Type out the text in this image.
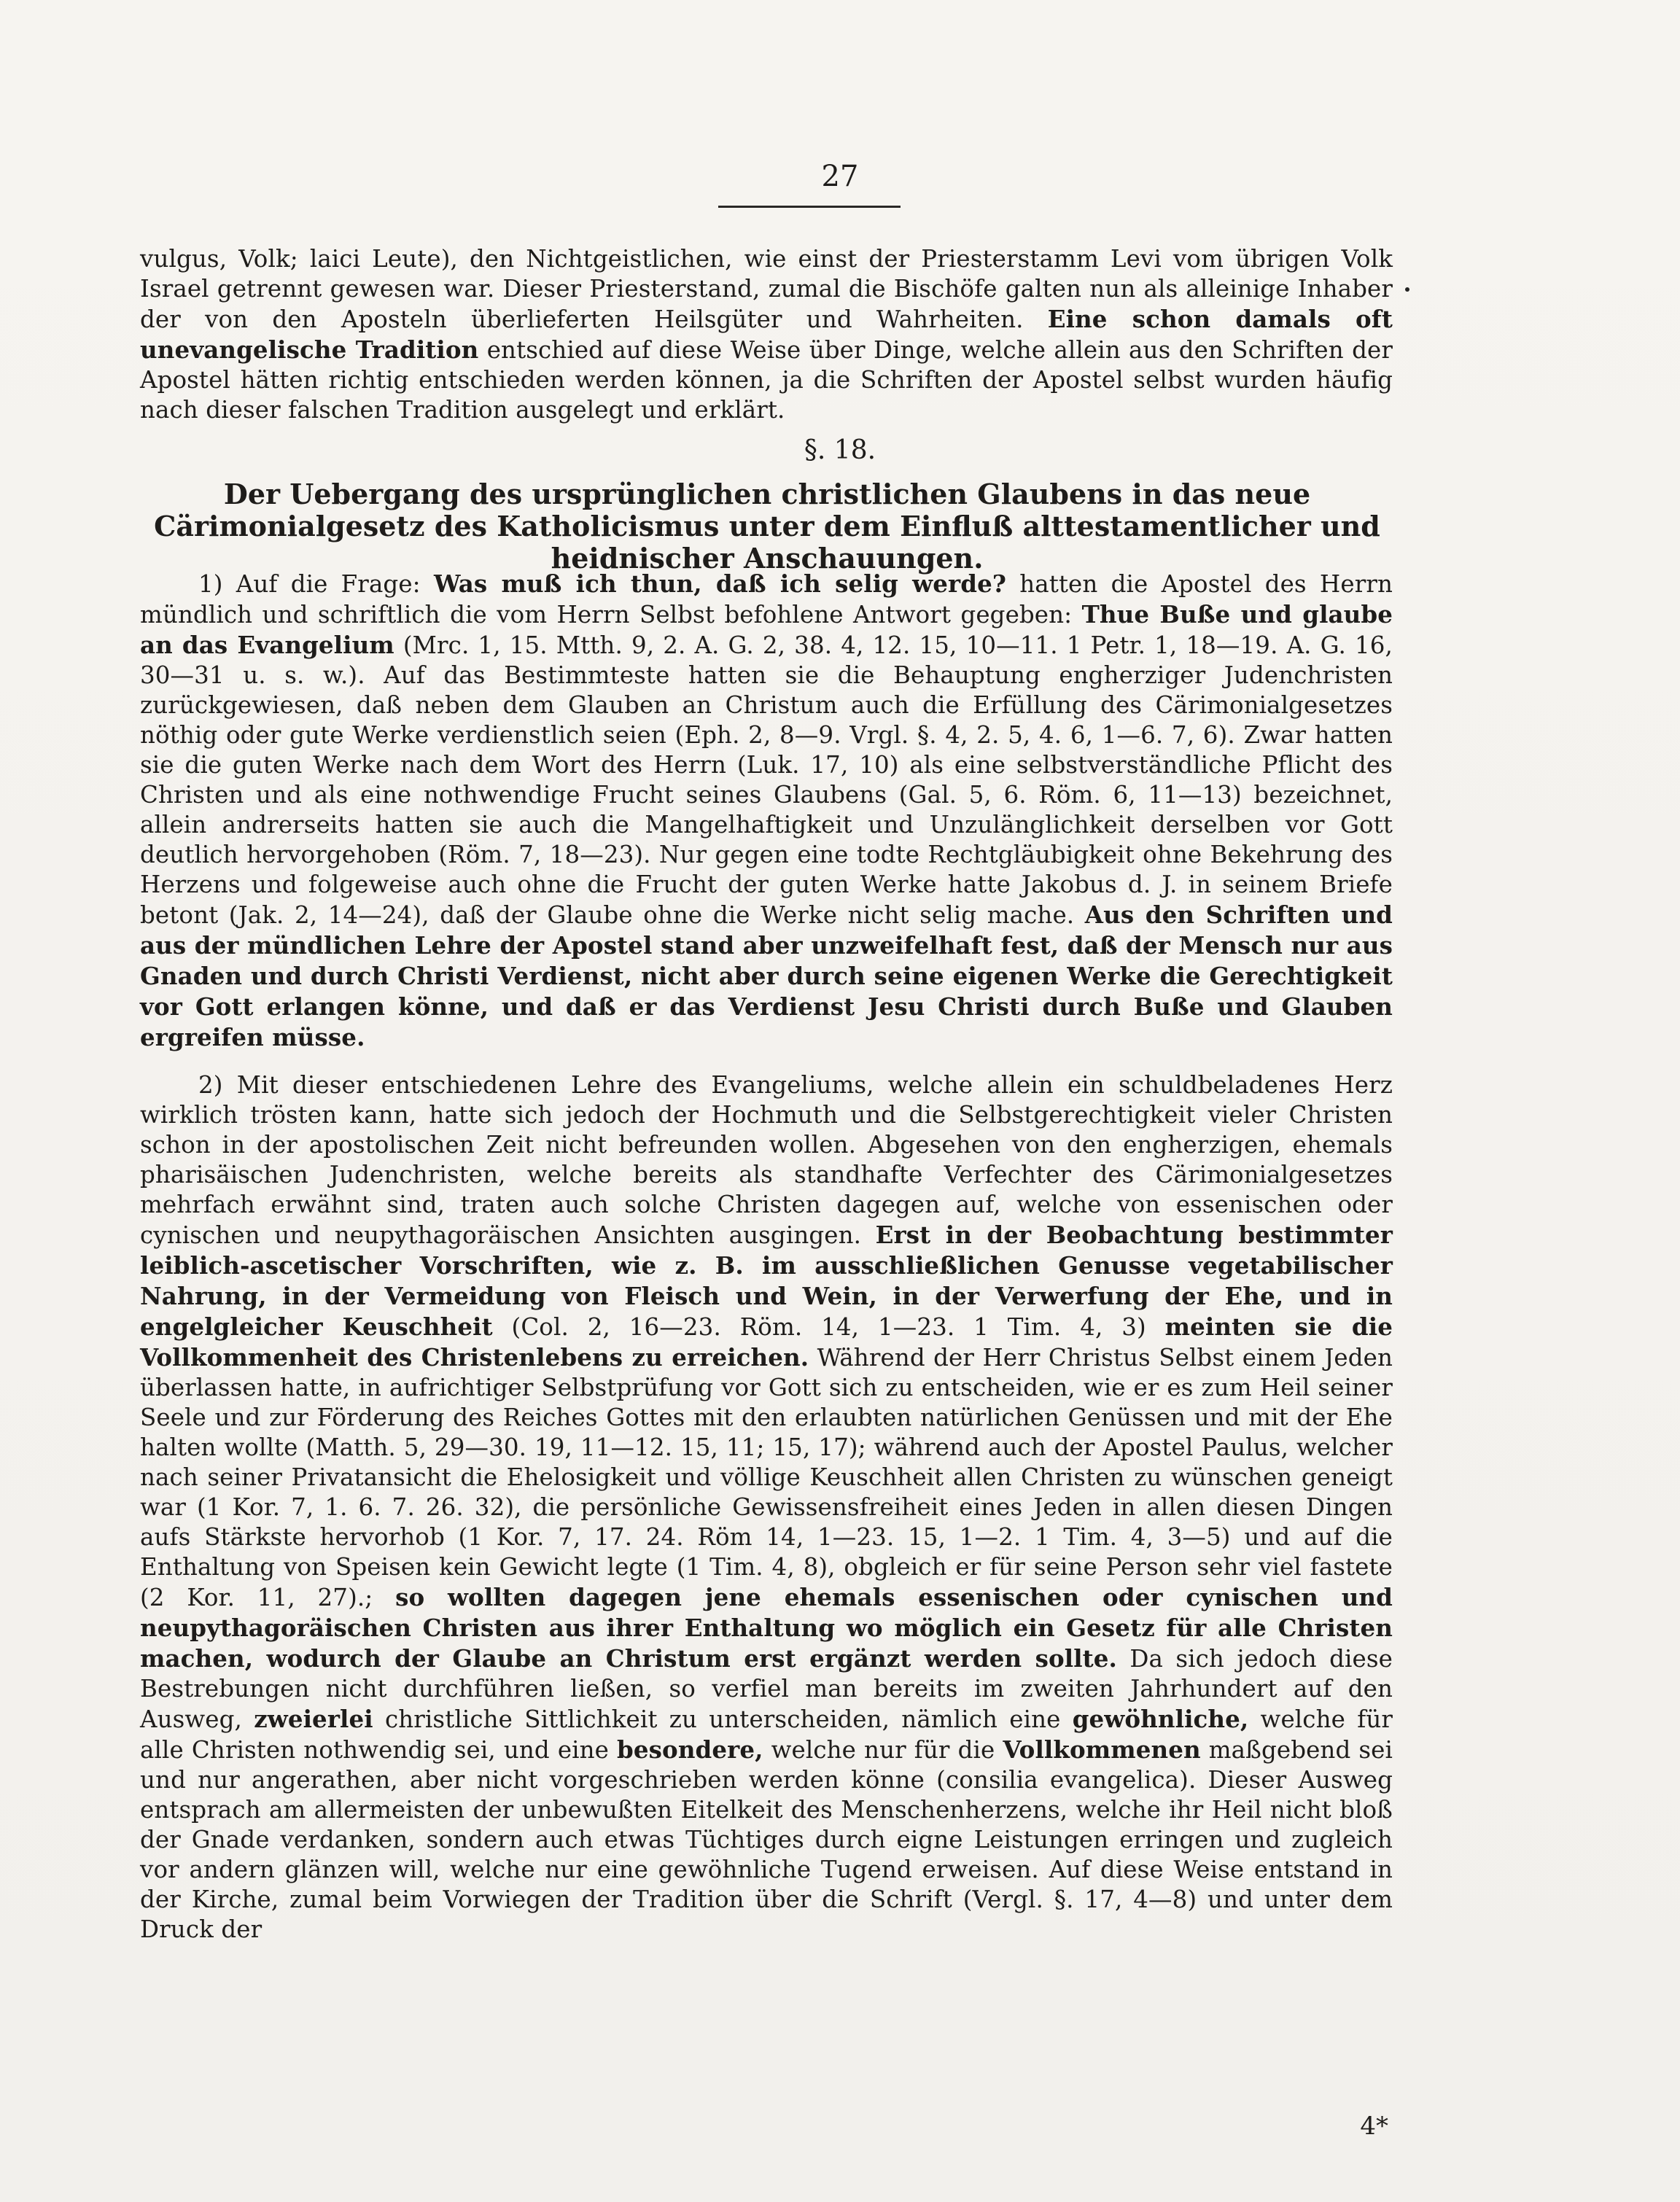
27

vulgus, Volk; laici Leute), den Nichtgeistlichen, wie einst der Priesterstamm Levi vom übrigen Volk Israel getrennt gewesen war. Dieser Priesterstand, zumal die Bischöfe galten nun als alleinige Inhaber der von den Aposteln überlieferten Heilsgüter und Wahrheiten. Eine schon damals oft unevangelische Tradition entschied auf diese Weise über Dinge, welche allein aus den Schriften der Apostel hätten richtig entschieden werden können, ja die Schriften der Apostel selbst wurden häufig nach dieser falschen Tradition ausgelegt und erklärt.

§. 18.
Der Uebergang des ursprünglichen christlichen Glaubens in das neue Cärimonialgesetz des Katholicismus unter dem Einfluß alttestamentlicher und heidnischer Anschauungen.

1) Auf die Frage: Was muß ich thun, daß ich selig werde? hatten die Apostel des Herrn mündlich und schriftlich die vom Herrn Selbst befohlene Antwort gegeben: Thue Buße und glaube an das Evangelium (Mrc. 1, 15. Mtth. 9, 2. A. G. 2, 38. 4, 12. 15, 10—11. 1 Petr. 1, 18—19. A. G. 16, 30—31 u. s. w.). Auf das Bestimmteste hatten sie die Behauptung engherziger Judenchristen zurückgewiesen, daß neben dem Glauben an Christum auch die Erfüllung des Cärimonialgesetzes nöthig oder gute Werke verdienstlich seien (Eph. 2, 8—9. Vrgl. §. 4, 2. 5, 4. 6, 1—6. 7, 6). Zwar hatten sie die guten Werke nach dem Wort des Herrn (Luk. 17, 10) als eine selbstverständliche Pflicht des Christen und als eine nothwendige Frucht seines Glaubens (Gal. 5, 6. Röm. 6, 11—13) bezeichnet, allein andrerseits hatten sie auch die Mangelhaftigkeit und Unzulänglichkeit derselben vor Gott deutlich hervorgehoben (Röm. 7, 18—23). Nur gegen eine todte Rechtgläubigkeit ohne Bekehrung des Herzens und folgeweise auch ohne die Frucht der guten Werke hatte Jakobus d. J. in seinem Briefe betont (Jak. 2, 14—24), daß der Glaube ohne die Werke nicht selig mache. Aus den Schriften und aus der mündlichen Lehre der Apostel stand aber unzweifelhaft fest, daß der Mensch nur aus Gnaden und durch Christi Verdienst, nicht aber durch seine eigenen Werke die Gerechtigkeit vor Gott erlangen könne, und daß er das Verdienst Jesu Christi durch Buße und Glauben ergreifen müsse.

2) Mit dieser entschiedenen Lehre des Evangeliums, welche allein ein schuldbeladenes Herz wirklich trösten kann, hatte sich jedoch der Hochmuth und die Selbstgerechtigkeit vieler Christen schon in der apostolischen Zeit nicht befreunden wollen. Abgesehen von den engherzigen, ehemals pharisäischen Judenchristen, welche bereits als standhafte Verfechter des Cärimonialgesetzes mehrfach erwähnt sind, traten auch solche Christen dagegen auf, welche von essenischen oder cynischen und neupythagoräischen Ansichten ausgingen. Erst in der Beobachtung bestimmter leiblich-ascetischer Vorschriften, wie z. B. im ausschließlichen Genusse vegetabilischer Nahrung, in der Vermeidung von Fleisch und Wein, in der Verwerfung der Ehe, und in engelgleicher Keuschheit (Col. 2, 16—23. Röm. 14, 1—23. 1 Tim. 4, 3) meinten sie die Vollkommenheit des Christenlebens zu erreichen. Während der Herr Christus Selbst einem Jeden überlassen hatte, in aufrichtiger Selbstprüfung vor Gott sich zu entscheiden, wie er es zum Heil seiner Seele und zur Förderung des Reiches Gottes mit den erlaubten natürlichen Genüssen und mit der Ehe halten wollte (Matth. 5, 29—30. 19, 11—12. 15, 11; 15, 17); während auch der Apostel Paulus, welcher nach seiner Privatansicht die Ehelosigkeit und völlige Keuschheit allen Christen zu wünschen geneigt war (1 Kor. 7, 1. 6. 7. 26. 32), die persönliche Gewissensfreiheit eines Jeden in allen diesen Dingen aufs Stärkste hervorhob (1 Kor. 7, 17. 24. Röm 14, 1—23. 15, 1—2. 1 Tim. 4, 3—5) und auf die Enthaltung von Speisen kein Gewicht legte (1 Tim. 4, 8), obgleich er für seine Person sehr viel fastete (2 Kor. 11, 27).; so wollten dagegen jene ehemals essenischen oder cynischen und neupythagoräischen Christen aus ihrer Enthaltung wo möglich ein Gesetz für alle Christen machen, wodurch der Glaube an Christum erst ergänzt werden sollte. Da sich jedoch diese Bestrebungen nicht durchführen ließen, so verfiel man bereits im zweiten Jahrhundert auf den Ausweg, zweierlei christliche Sittlichkeit zu unterscheiden, nämlich eine gewöhnliche, welche für alle Christen nothwendig sei, und eine besondere, welche nur für die Vollkommenen maßgebend sei und nur angerathen, aber nicht vorgeschrieben werden könne (consilia evangelica). Dieser Ausweg entsprach am allermeisten der unbewußten Eitelkeit des Menschenherzens, welche ihr Heil nicht bloß der Gnade verdanken, sondern auch etwas Tüchtiges durch eigne Leistungen erringen und zugleich vor andern glänzen will, welche nur eine gewöhnliche Tugend erweisen. Auf diese Weise entstand in der Kirche, zumal beim Vorwiegen der Tradition über die Schrift (Vergl. §. 17, 4—8) und unter dem Druck der

4*
